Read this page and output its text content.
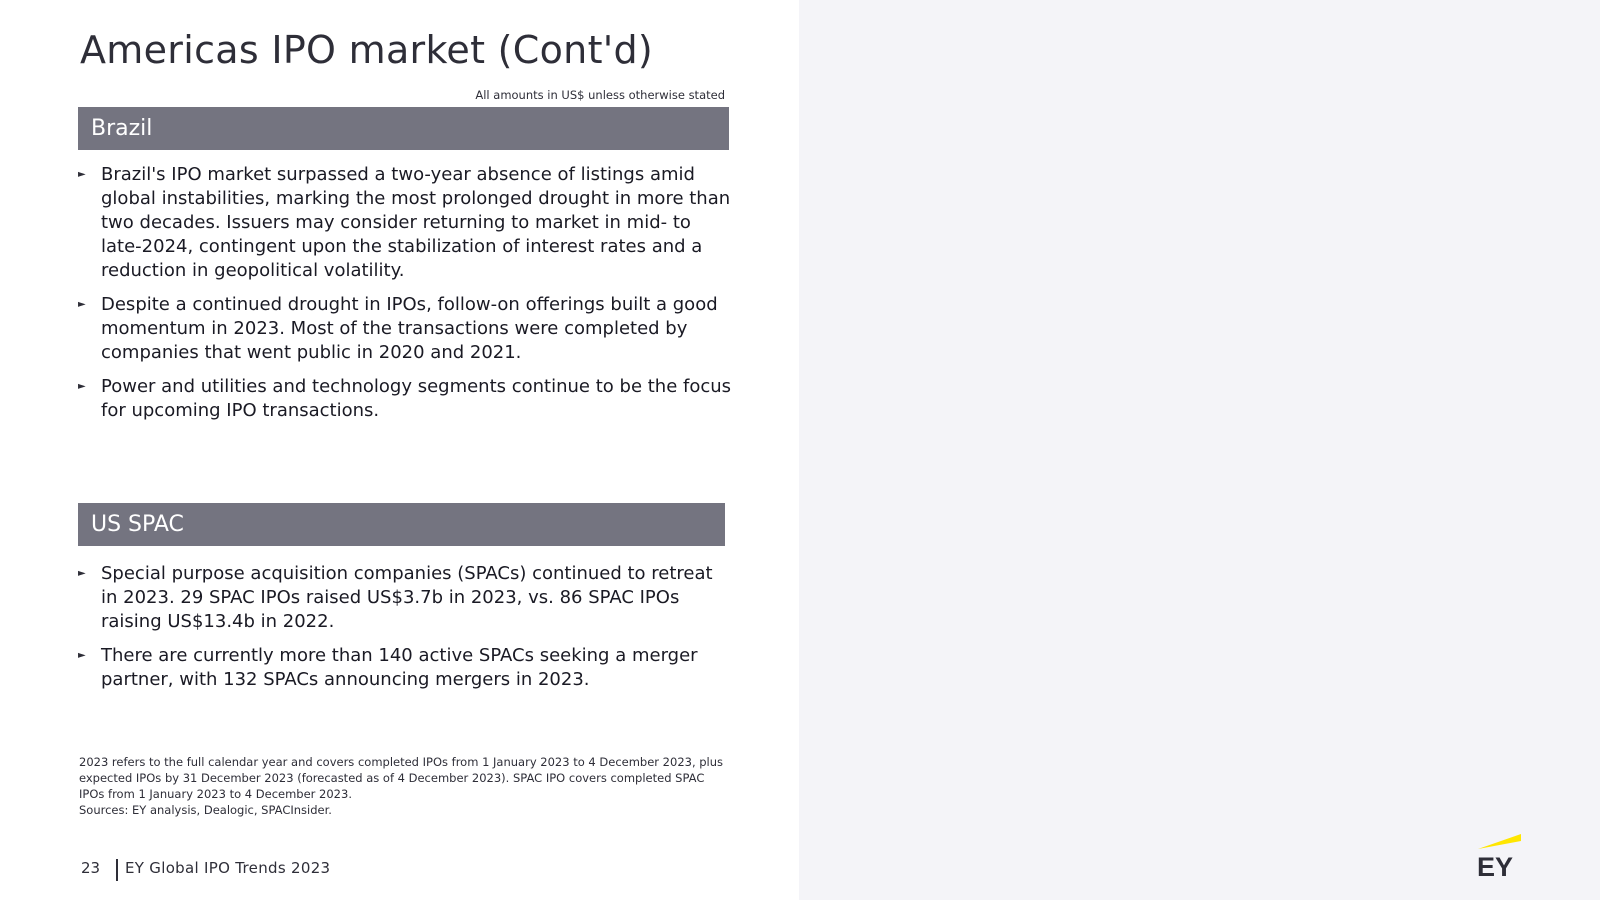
Americas IPO market (Cont'd)
All amounts in US$ unless otherwise stated
Brazil
► Brazil's IPO market surpassed a two-year absence of listings amid global instabilities, marking the most prolonged drought in more than two decades. Issuers may consider returning to market in mid- to late-2024, contingent upon the stabilization of interest rates and a reduction in geopolitical volatility.
► Despite a continued drought in IPOs, follow-on offerings built a good momentum in 2023. Most of the transactions were completed by companies that went public in 2020 and 2021.
► Power and utilities and technology segments continue to be the focus for upcoming IPO transactions.
US SPAC
► Special purpose acquisition companies (SPACs) continued to retreat in 2023. 29 SPAC IPOs raised US$3.7b in 2023, vs. 86 SPAC IPOs raising US$13.4b in 2022.
► There are currently more than 140 active SPACs seeking a merger partner, with 132 SPACs announcing mergers in 2023.
2023 refers to the full calendar year and covers completed IPOs from 1 January 2023 to 4 December 2023, plus expected IPOs by 31 December 2023 (forecasted as of 4 December 2023). SPAC IPO covers completed SPAC IPOs from 1 January 2023 to 4 December 2023.
Sources: EY analysis, Dealogic, SPACInsider.
23 EY Global IPO Trends 2023	EY
